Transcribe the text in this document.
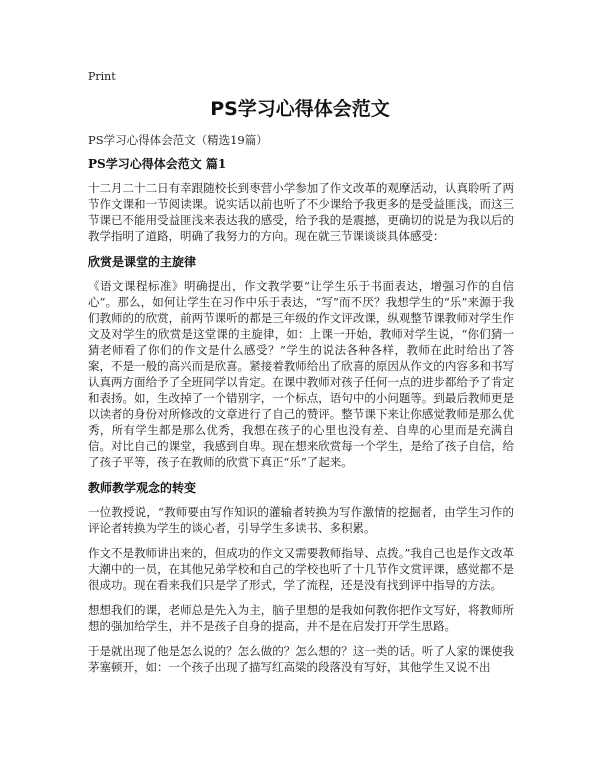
Print
PS学习心得体会范文
PS学习心得体会范文（精选19篇）
PS学习心得体会范文 篇1

十二月二十二日有幸跟随校长到枣营小学参加了作文改革的观摩活动，认真聆听了两节作文课和一节阅读课。说实话以前也听了不少课给予我更多的是受益匪浅，而这三节课已不能用受益匪浅来表达我的感受，给予我的是震撼，更确切的说是为我以后的教学指明了道路，明确了我努力的方向。现在就三节课谈谈具体感受：

欣赏是课堂的主旋律

《语文课程标准》明确提出，作文教学要“让学生乐于书面表达，增强习作的自信心”。那么，如何让学生在习作中乐于表达，“写”而不厌？我想学生的“乐”来源于我们教师的的欣赏，前两节课听的都是三年级的作文评改课，纵观整节课教师对学生作文及对学生的欣赏是这堂课的主旋律，如：上课一开始，教师对学生说，“你们猜一猜老师看了你们的作文是什么感受？”学生的说法各种各样，教师在此时给出了答案，不是一般的高兴而是欣喜。紧接着教师给出了欣喜的原因从作文的内容多和书写认真两方面给予了全班同学以肯定。在课中教师对孩子任何一点的进步都给予了肯定和表扬。如，生改掉了一个错别字，一个标点，语句中的小问题等。到最后教师更是以读者的身份对所修改的文章进行了自己的赞评。整节课下来让你感觉教师是那么优秀，所有学生都是那么优秀，我想在孩子的心里也没有差、自卑的心里而是充满自信。对比自己的课堂，我感到自卑。现在想来欣赏每一个学生，是给了孩子自信，给了孩子平等，孩子在教师的欣赏下真正“乐”了起来。

教师教学观念的转变

一位教授说，“教师要由写作知识的灌输者转换为写作激情的挖掘者，由学生习作的评论者转换为学生的谈心者，引导学生多读书、多积累。

作文不是教师讲出来的，但成功的作文又需要教师指导、点拨。”我自己也是作文改革大潮中的一员，在其他兄弟学校和自己的学校也听了十几节作文赏评课，感觉都不是很成功。现在看来我们只是学了形式，学了流程，还是没有找到评中指导的方法。

想想我们的课，老师总是先入为主，脑子里想的是我如何教你把作文写好，将教师所想的强加给学生，并不是孩子自身的提高，并不是在启发打开学生思路。

于是就出现了他是怎么说的？怎么做的？怎么想的？这一类的话。听了人家的课使我茅塞顿开，如：一个孩子出现了描写红高粱的段落没有写好，其他学生又说不出
